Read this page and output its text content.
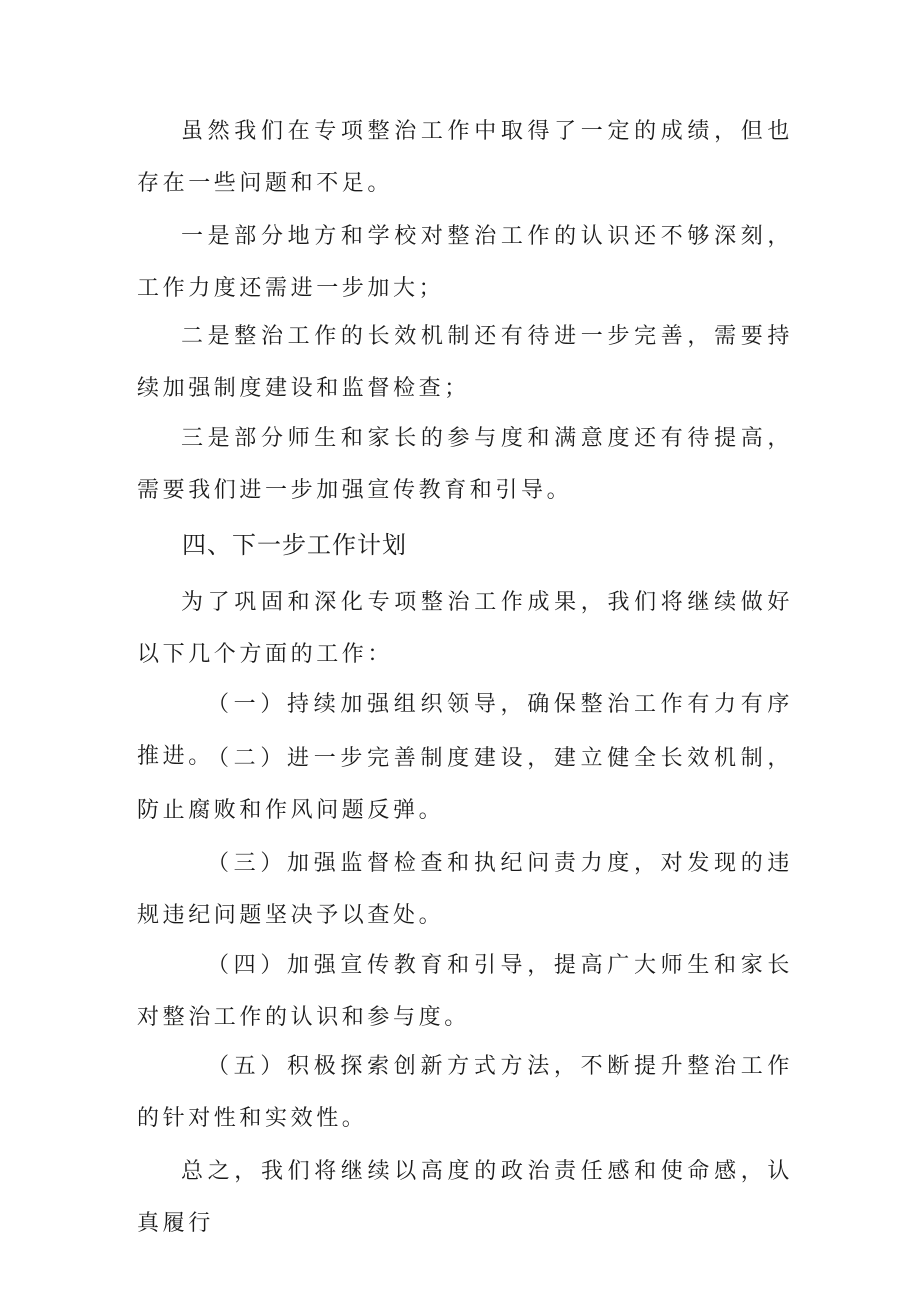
虽然我们在专项整治工作中取得了一定的成绩，但也存在一些问题和不足。

一是部分地方和学校对整治工作的认识还不够深刻，工作力度还需进一步加大；

二是整治工作的长效机制还有待进一步完善，需要持续加强制度建设和监督检查；

三是部分师生和家长的参与度和满意度还有待提高，需要我们进一步加强宣传教育和引导。

四、下一步工作计划

为了巩固和深化专项整治工作成果，我们将继续做好以下几个方面的工作：

（一）持续加强组织领导，确保整治工作有力有序推进。

（二）进一步完善制度建设，建立健全长效机制，防止腐败和作风问题反弹。

（三）加强监督检查和执纪问责力度，对发现的违规违纪问题坚决予以查处。

（四）加强宣传教育和引导，提高广大师生和家长对整治工作的认识和参与度。

（五）积极探索创新方式方法，不断提升整治工作的针对性和实效性。

总之，我们将继续以高度的政治责任感和使命感，认真履行
